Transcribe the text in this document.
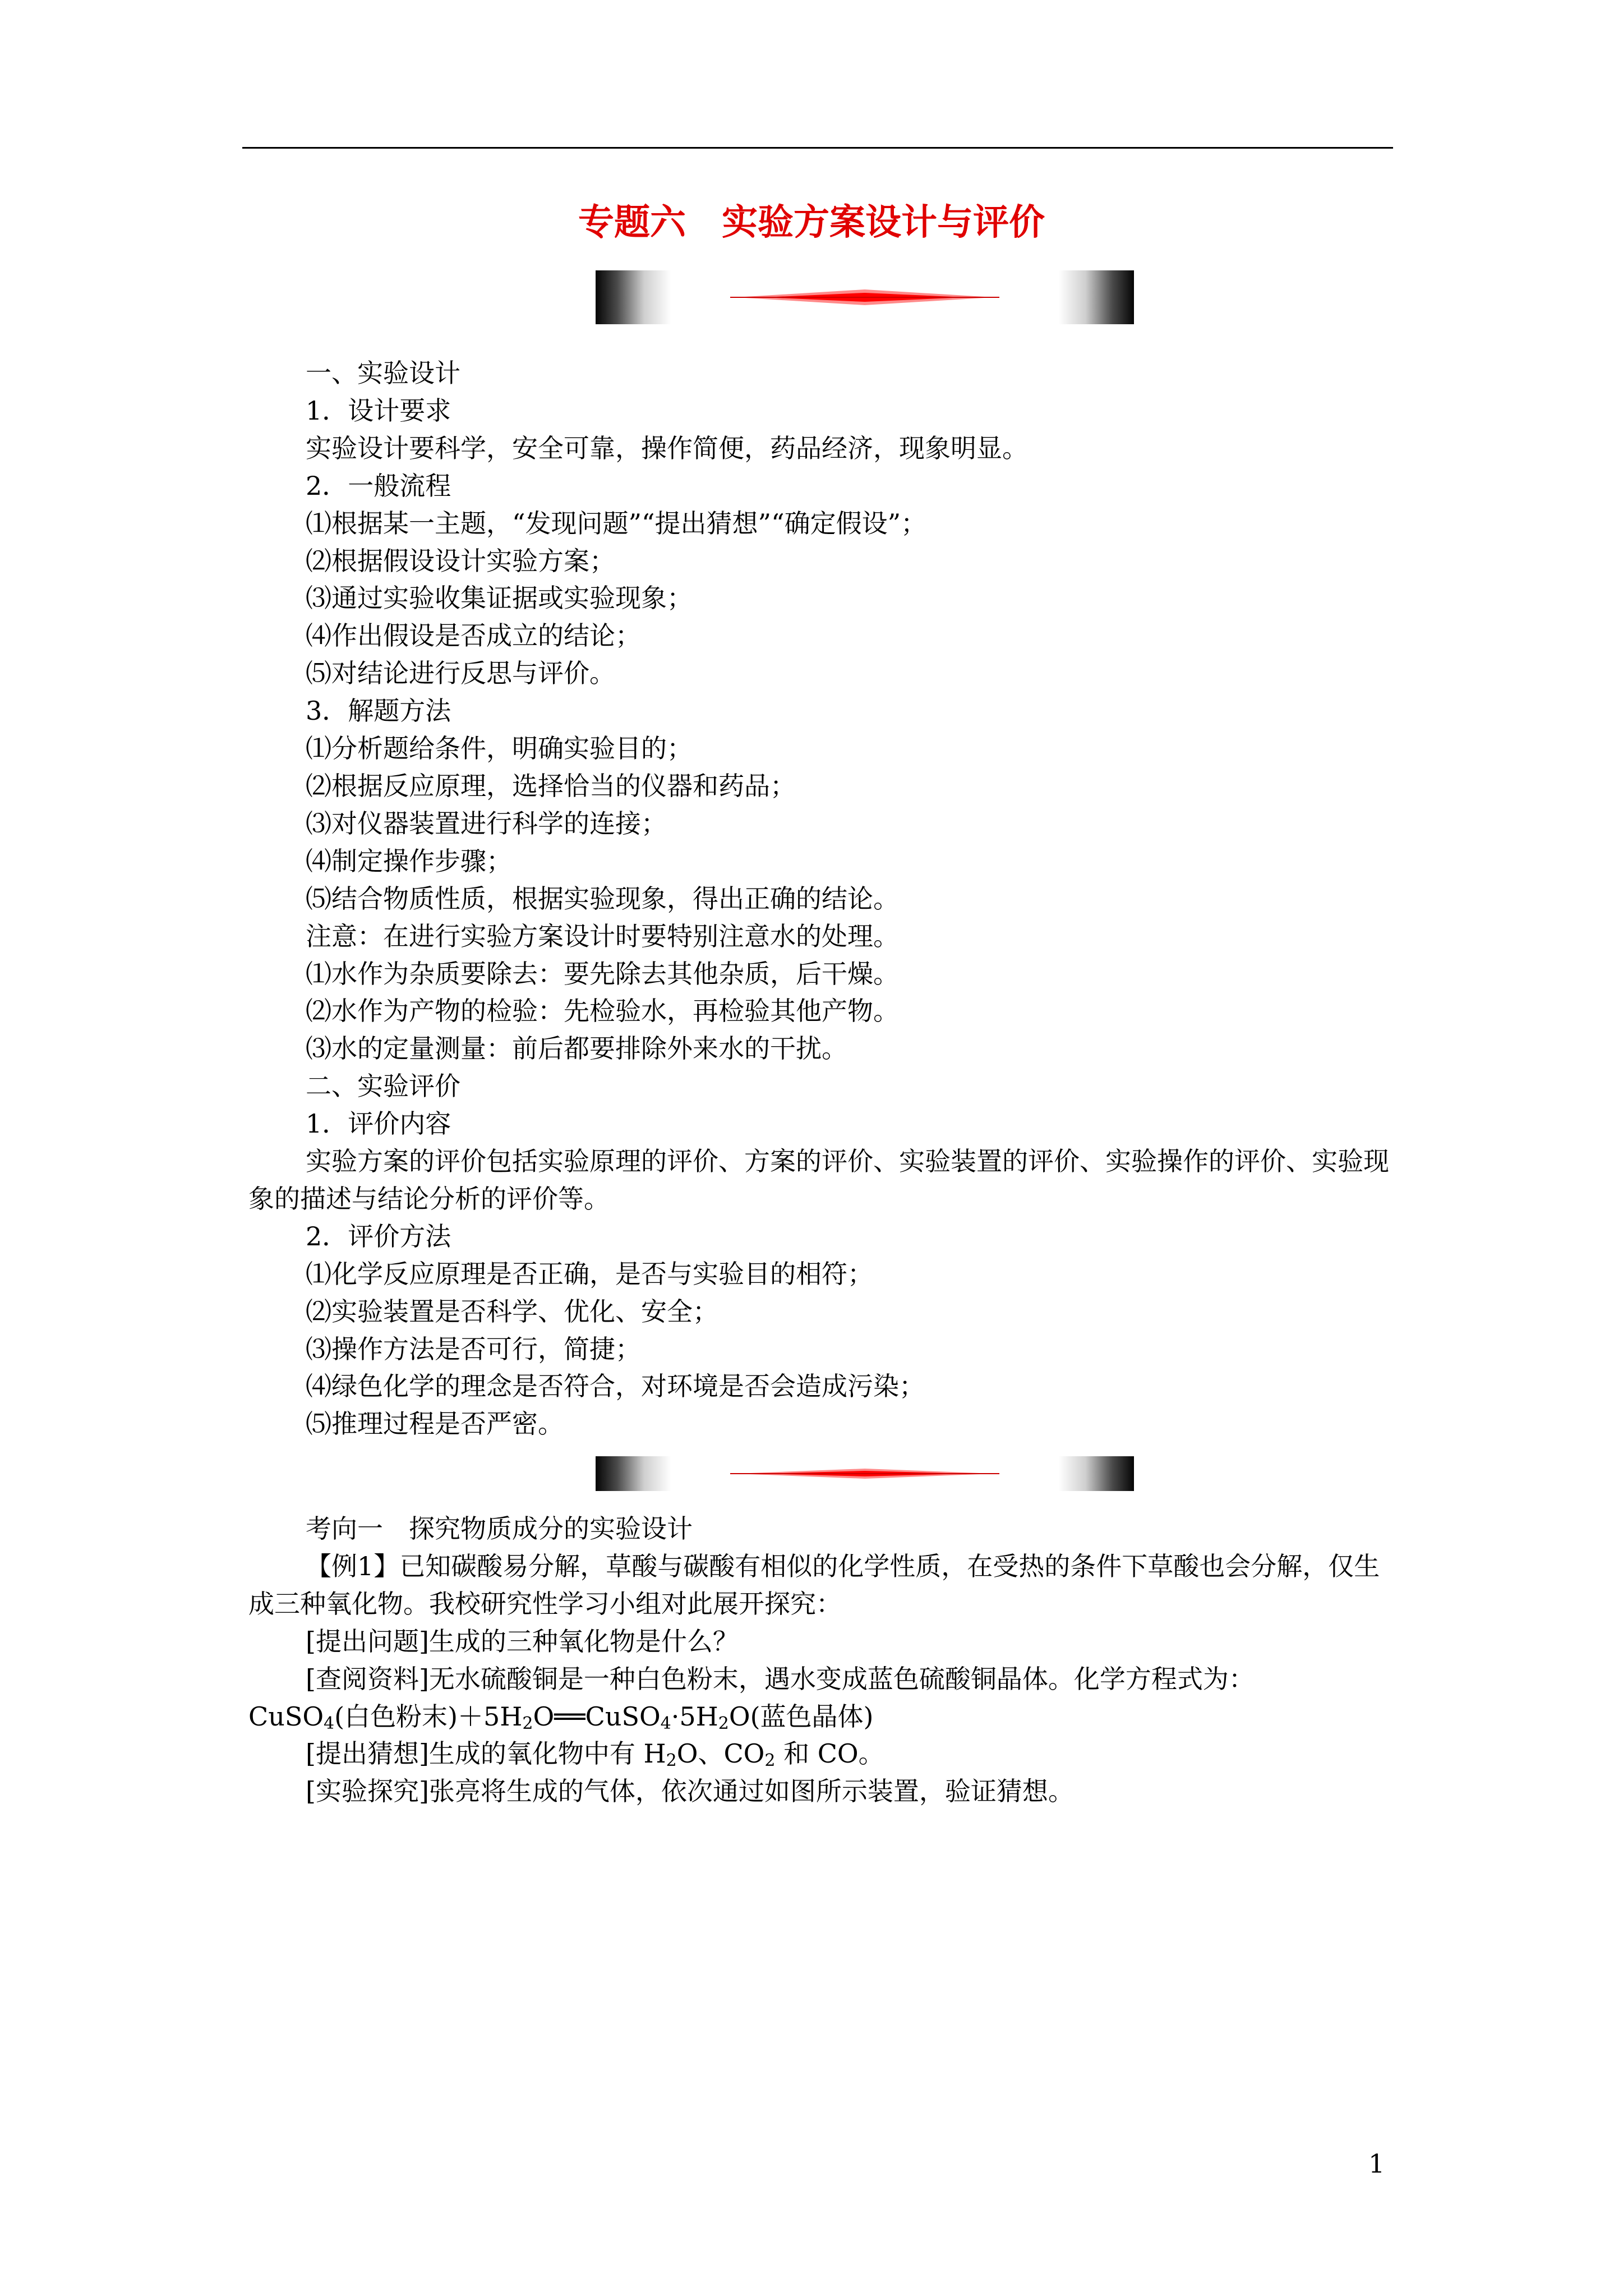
专题六　实验方案设计与评价

一、实验设计

1．设计要求

实验设计要科学，安全可靠，操作简便，药品经济，现象明显。

2．一般流程

⑴根据某一主题，“发现问题”“提出猜想”“确定假设”；

⑵根据假设设计实验方案；

⑶通过实验收集证据或实验现象；

⑷作出假设是否成立的结论；

⑸对结论进行反思与评价。

3．解题方法

⑴分析题给条件，明确实验目的；

⑵根据反应原理，选择恰当的仪器和药品；

⑶对仪器装置进行科学的连接；

⑷制定操作步骤；

⑸结合物质性质，根据实验现象，得出正确的结论。

注意：在进行实验方案设计时要特别注意水的处理。

⑴水作为杂质要除去：要先除去其他杂质，后干燥。

⑵水作为产物的检验：先检验水，再检验其他产物。

⑶水的定量测量：前后都要排除外来水的干扰。

二、实验评价

1．评价内容

实验方案的评价包括实验原理的评价、方案的评价、实验装置的评价、实验操作的评价、实验现象的描述与结论分析的评价等。

2．评价方法

⑴化学反应原理是否正确，是否与实验目的相符；

⑵实验装置是否科学、优化、安全；

⑶操作方法是否可行，简捷；

⑷绿色化学的理念是否符合，对环境是否会造成污染；

⑸推理过程是否严密。

考向一　探究物质成分的实验设计

【例1】已知碳酸易分解，草酸与碳酸有相似的化学性质，在受热的条件下草酸也会分解，仅生成三种氧化物。我校研究性学习小组对此展开探究：

[提出问题]生成的三种氧化物是什么？

[查阅资料]无水硫酸铜是一种白色粉末，遇水变成蓝色硫酸铜晶体。化学方程式为：

CuSO$_4$(白色粉末)$+5H_2O══CuSO_4\cdot 5H_2O$(蓝色晶体)

[提出猜想]生成的氧化物中有 $H_2O$、$CO_2$ 和 CO。

[实验探究]张亮将生成的气体，依次通过如图所示装置，验证猜想。

1
